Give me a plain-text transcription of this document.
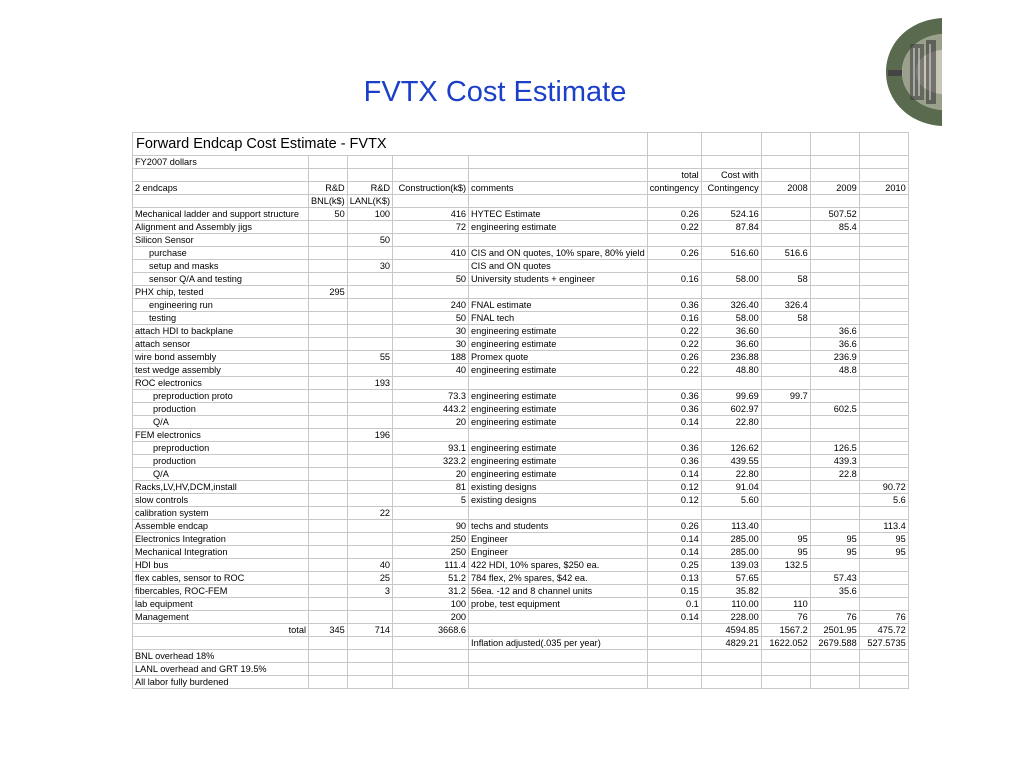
FVTX Cost Estimate
Forward Endcap Cost Estimate - FVTX									
FY2007 dollars									
					total	Cost with			
2 endcaps	R&D	R&D	Construction(k$)	comments	contingency	Contingency	2008	2009	2010
	BNL(k$)	LANL(K$)							
Mechanical ladder and support structure	50	100	416	HYTEC Estimate	0.26	524.16		507.52	
Alignment and Assembly jigs			72	engineering estimate	0.22	87.84		85.4	
Silicon Sensor		50							
purchase			410	CIS and ON quotes, 10% spare, 80% yield	0.26	516.60	516.6		
setup and masks		30		CIS and ON quotes					
sensor Q/A and testing			50	University students + engineer	0.16	58.00	58		
PHX chip, tested	295								
engineering run			240	FNAL estimate	0.36	326.40	326.4		
testing			50	FNAL tech	0.16	58.00	58		
attach HDI to backplane			30	engineering estimate	0.22	36.60		36.6	
attach sensor			30	engineering estimate	0.22	36.60		36.6	
wire bond assembly		55	188	Promex quote	0.26	236.88		236.9	
test wedge assembly			40	engineering estimate	0.22	48.80		48.8	
ROC electronics		193							
preproduction proto			73.3	engineering estimate	0.36	99.69	99.7		
production			443.2	engineering estimate	0.36	602.97		602.5	
Q/A			20	engineering estimate	0.14	22.80			
FEM electronics		196							
preproduction			93.1	engineering estimate	0.36	126.62		126.5	
production			323.2	engineering estimate	0.36	439.55		439.3	
Q/A			20	engineering estimate	0.14	22.80		22.8	
Racks,LV,HV,DCM,install			81	existing designs	0.12	91.04			90.72
slow controls			5	existing designs	0.12	5.60			5.6
calibration system		22							
Assemble endcap			90	techs and students	0.26	113.40			113.4
Electronics Integration			250	Engineer	0.14	285.00	95	95	95
Mechanical Integration			250	Engineer	0.14	285.00	95	95	95
HDI bus		40	111.4	422 HDI, 10% spares, $250 ea.	0.25	139.03	132.5		
flex cables, sensor to ROC		25	51.2	784 flex, 2% spares, $42 ea.	0.13	57.65		57.43	
fibercables, ROC-FEM		3	31.2	56ea. -12 and 8 channel units	0.15	35.82		35.6	
lab equipment			100	probe, test equipment	0.1	110.00	110		
Management			200		0.14	228.00	76	76	76
total	345	714	3668.6			4594.85	1567.2	2501.95	475.72
				Inflation adjusted(.035 per year)		4829.21	1622.052	2679.588	527.5735
BNL overhead 18%									
LANL overhead and GRT 19.5%									
All labor fully burdened									
